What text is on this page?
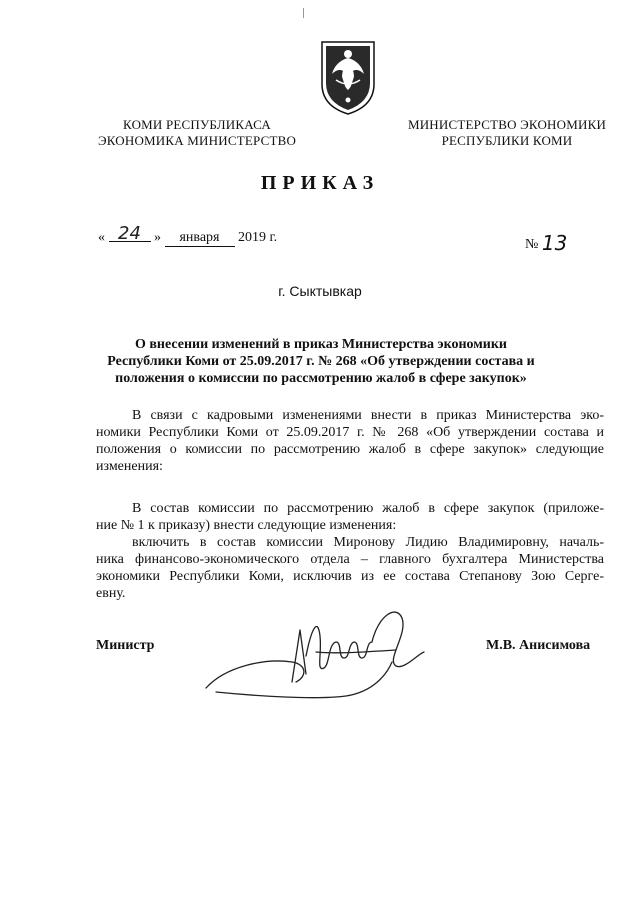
КОМИ РЕСПУБЛИКАСА
ЭКОНОМИКА МИНИСТЕРСТВО
МИНИСТЕРСТВО ЭКОНОМИКИ
РЕСПУБЛИКИ КОМИ
ПРИКАЗ
« 24 » января 2019 г.	№ 13
г. Сыктывкар
О внесении изменений в приказ Министерства экономики
Республики Коми от 25.09.2017 г. № 268 «Об утверждении состава и
положения о комиссии по рассмотрению жалоб в сфере закупок»
В связи с кадровыми изменениями внести в приказ Министерства эко-
номики Республики Коми от 25.09.2017 г. № 268 «Об утверждении состава и
положения о комиссии по рассмотрению жалоб в сфере закупок» следующие
изменения:
В состав комиссии по рассмотрению жалоб в сфере закупок (приложе-
ние № 1 к приказу) внести следующие изменения:
включить в состав комиссии Миронову Лидию Владимировну, началь-
ника финансово-экономического отдела – главного бухгалтера Министерства
экономики Республики Коми, исключив из ее состава Степанову Зою Серге-
евну.
Министр	М.В. Анисимова
